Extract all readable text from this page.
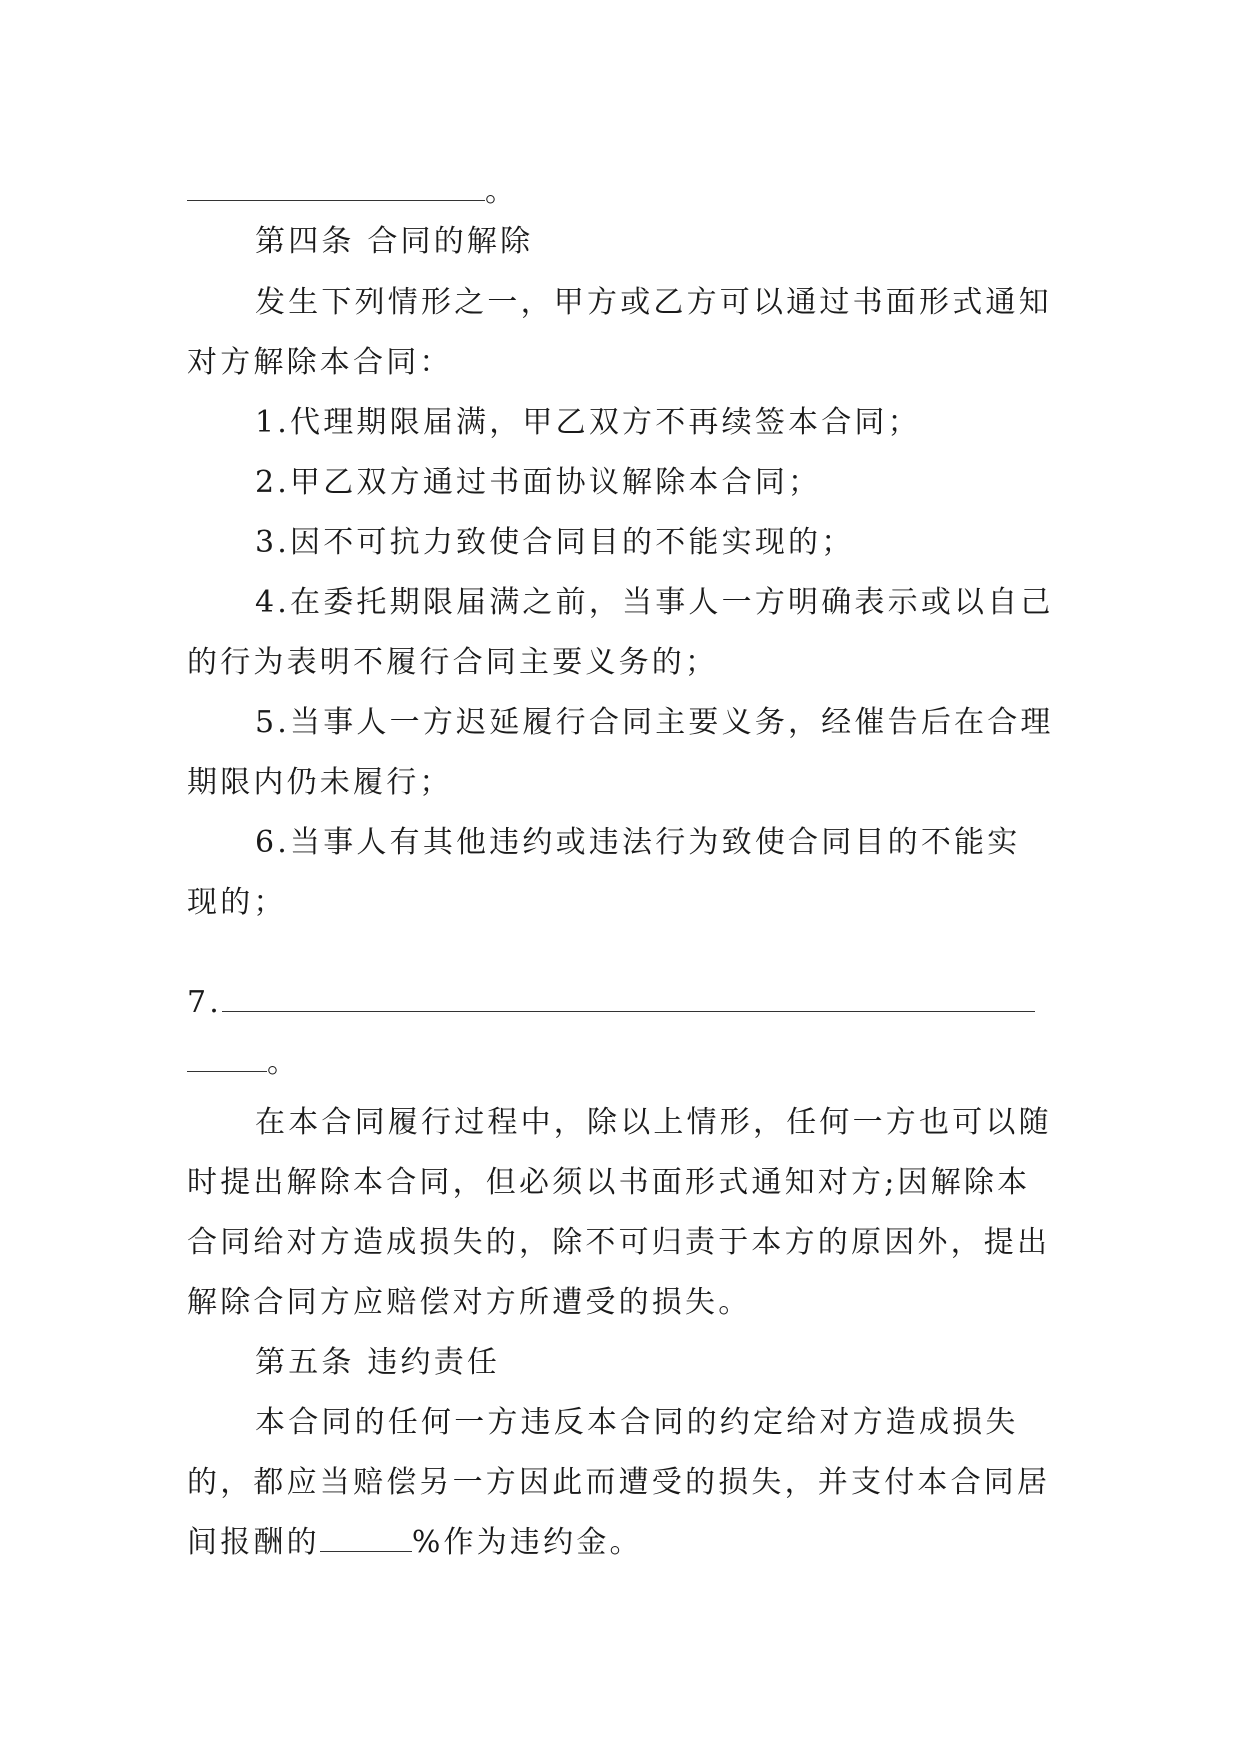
。
第四条 合同的解除
发生下列情形之一，甲方或乙方可以通过书面形式通知
对方解除本合同：
1.代理期限届满，甲乙双方不再续签本合同；
2.甲乙双方通过书面协议解除本合同；
3.因不可抗力致使合同目的不能实现的；
4.在委托期限届满之前，当事人一方明确表示或以自己
的行为表明不履行合同主要义务的；
5.当事人一方迟延履行合同主要义务，经催告后在合理
期限内仍未履行；
6.当事人有其他违约或违法行为致使合同目的不能实
现的；
7.
。
在本合同履行过程中，除以上情形，任何一方也可以随
时提出解除本合同，但必须以书面形式通知对方;因解除本
合同给对方造成损失的，除不可归责于本方的原因外，提出
解除合同方应赔偿对方所遭受的损失。
第五条 违约责任
本合同的任何一方违反本合同的约定给对方造成损失
的，都应当赔偿另一方因此而遭受的损失，并支付本合同居
间报酬的	%作为违约金。
